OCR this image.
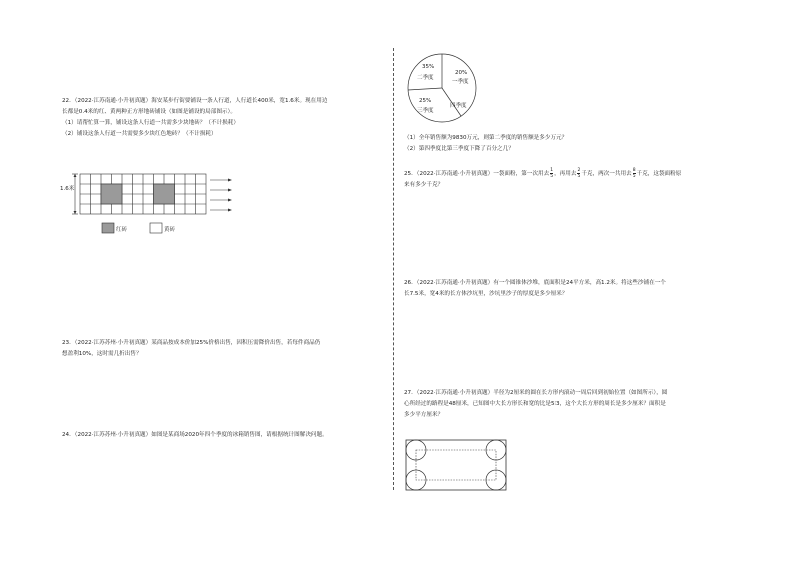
22．（2022·江苏南通·小升初真题）海安某步行街要铺设一条人行道，人行道长400米，宽1.6米。现在用边

长都是0.4米的红、黄两种正方形地砖铺设（如图是铺设的局部图示）。

（1）请帮忙算一算，铺设这条人行道一共需多少块地砖？（不计损耗）

（2）铺设这条人行道一共需要多少块红色地砖？（不计损耗）

1.6米
红砖	黄砖

23．（2022·江苏苏州·小升初真题）某商品按成本价加25%价格出售，因积压需降价出售，若每件商品仍

想盈利10%，这时需几折出售？

24．（2022·江苏苏州·小升初真题）如图是某商场2020年四个季度的冰箱销售图，请根据统计图解决问题。

35%
二季度
20%
一季度
25%
三季度
四季度

（1）全年销售额为9830万元，则第二季度的销售额是多少万元？

（2）第四季度比第三季度下降了百分之几？

25．（2022·江苏南通·小升初真题）一袋面粉，第一次用去 $\frac{1}{5}$ ，再用去 $\frac{2}{5}$ 千克，两次一共用去 $\frac{8}{5}$ 千克，这袋面粉原

来有多少千克？

26．（2022·江苏南通·小升初真题）有一个圆锥体沙堆，底面积是24平方米，高1.2米。将这些沙铺在一个

长7.5米，宽4米的长方体沙坑里，沙坑里沙子的厚度是多少厘米？

27．（2022·江苏南通·小升初真题）半径为2厘米的圆在长方形内滚动一周后回到初始位置（如图所示），圆

心所经过的路程是48厘米，已知图中大长方形长和宽的比是5∶3，这个大长方形的周长是多少厘米？面积是

多少平方厘米？
